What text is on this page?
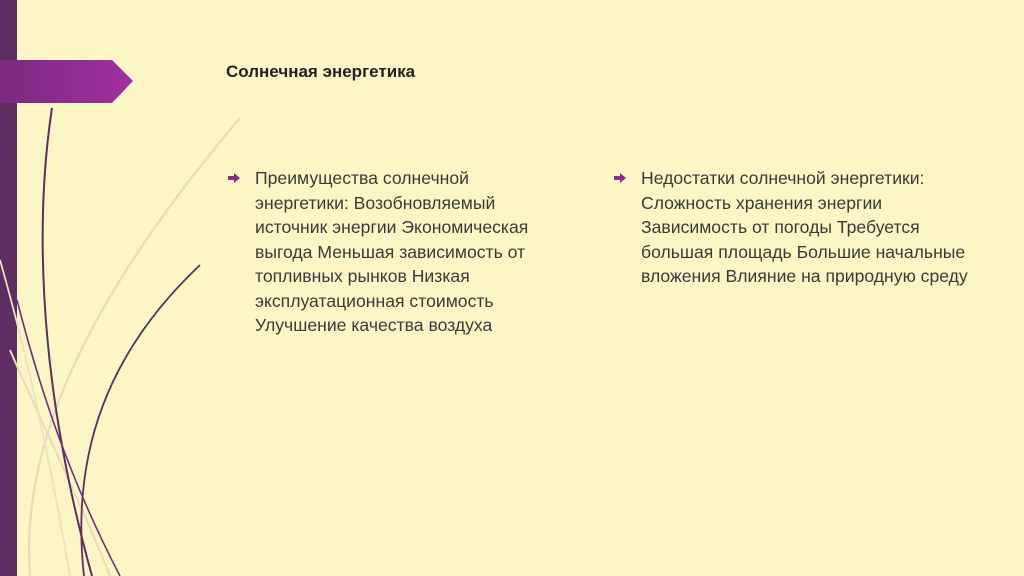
Солнечная энергетика
Преимущества солнечной энергетики: Возобновляемый источник энергии Экономическая выгода Меньшая зависимость от топливных рынков Низкая эксплуатационная стоимость Улучшение качества воздуха
Недостатки солнечной энергетики: Сложность хранения энергии Зависимость от погоды Требуется большая площадь Большие начальные вложения Влияние на природную среду
